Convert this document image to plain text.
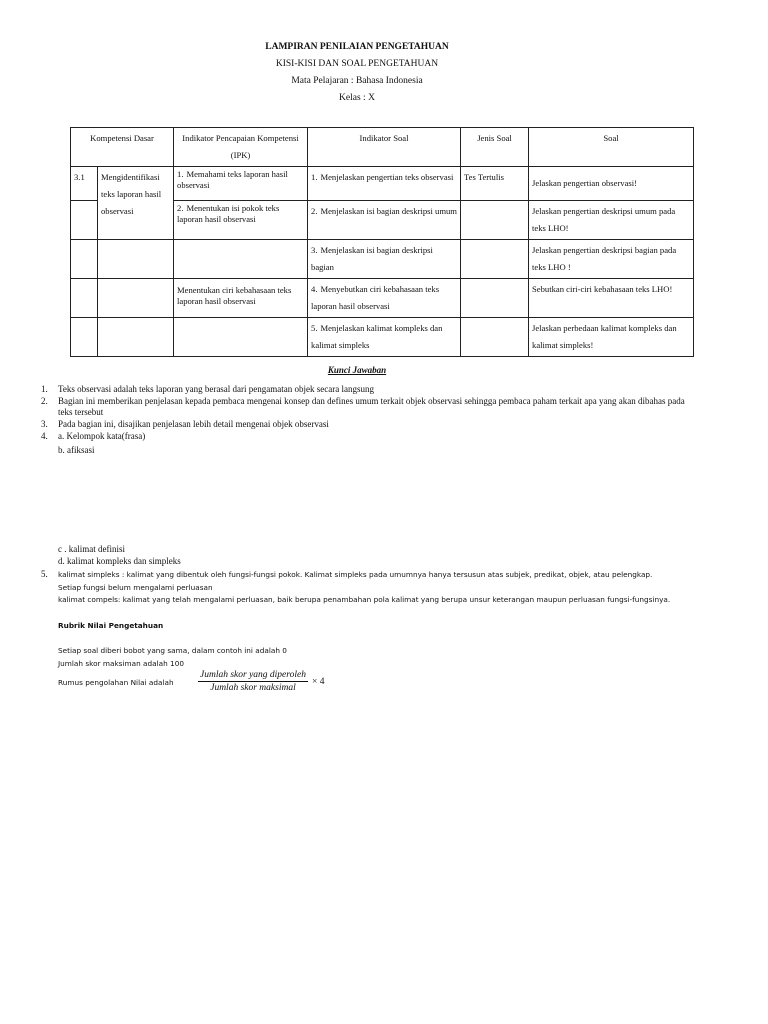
LAMPIRAN PENILAIAN PENGETAHUAN
KISI-KISI DAN SOAL PENGETAHUAN
Mata Pelajaran : Bahasa Indonesia
Kelas : X
Kompetensi Dasar		Indikator Pencapaian Kompetensi (IPK)	Indikator Soal	Jenis Soal	Soal
3.1	Mengidentifikasi teks laporan hasil observasi	1. Memahami teks laporan hasil observasi	1. Menjelaskan pengertian teks observasi	Tes Tertulis	Jelaskan pengertian observasi!
		2. Menentukan isi pokok teks laporan hasil observasi	2. Menjelaskan isi bagian deskripsi umum		Jelaskan pengertian deskripsi umum pada teks LHO!
			3. Menjelaskan isi bagian deskripsi bagian		Jelaskan pengertian deskripsi bagian pada teks LHO !
		Menentukan ciri kebahasaan teks laporan hasil observasi	4. Menyebutkan ciri kebahasaan teks laporan hasil observasi		Sebutkan ciri-ciri kebahasaan teks LHO!
			5. Menjelaskan kalimat kompleks dan kalimat simpleks		Jelaskan perbedaan kalimat kompleks dan kalimat simpleks!
Kunci Jawaban
1. Teks observasi adalah teks laporan yang berasal dari pengamatan objek secara langsung
2. Bagian ini memberikan penjelasan kepada pembaca mengenai konsep dan defines umum terkait objek observasi sehingga pembaca paham terkait apa yang akan dibahas pada teks tersebut
3. Pada bagian ini, disajikan penjelasan lebih detail mengenai objek observasi
4. a. Kelompok kata(frasa)
b. afiksasi
c . kalimat definisi
d. kalimat kompleks dan simpleks
5. kalimat simpleks : kalimat yang dibentuk oleh fungsi-fungsi pokok. Kalimat simpleks pada umumnya hanya tersusun atas subjek, predikat, objek, atau pelengkap.
Setiap fungsi belum mengalami perluasan
kalimat compels: kalimat yang telah mengalami perluasan, baik berupa penambahan pola kalimat yang berupa unsur keterangan maupun perluasan fungsi-fungsinya.
Rubrik Nilai Pengetahuan
Setiap soal diberi bobot yang sama, dalam contoh ini adalah 0
Jumlah skor maksiman adalah 100
Rumus pengolahan Nilai adalah	$\frac{\text{Jumlah skor yang diperoleh}}{\text{Jumlah skor maksimal}} \times 4$
